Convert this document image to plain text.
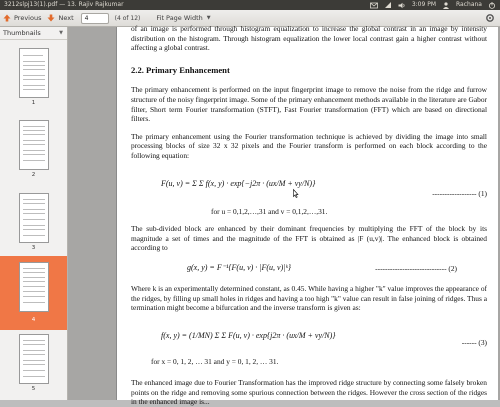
3212slpj13(1).pdf — 13. Rajiv Rajkumar	3:09 PM	Rachana
Previous	Next	4	(4 of 12) Fit Page Width ▼
Thumbnails	▼
1
2
3
4
5

of an image is performed through histogram equalization to increase the global contrast in an image by intensity distribution on the histogram. Through histogram equalization the lower local contrast gain a higher contrast without affecting a global contrast.

2.2. Primary Enhancement

The primary enhancement is performed on the input fingerprint image to remove the noise from the ridge and furrow structure of the noisy fingerprint image. Some of the primary enhancement methods available in the literature are Gabor filter, Short term Fourier transformation (STFT), Fast Fourier transformation (FFT) which are based on directional filters.

The primary enhancement using the Fourier transformation technique is achieved by dividing the image into small processing blocks of size 32 x 32 pixels and the Fourier transform is performed on each block according to the following equation:

F(u, v) = Σ Σ f(x, y) · exp{−j2π · (ux/M + vy/N)}
------------------ (1)

for u = 0,1,2,…,31 and v = 0,1,2,…,31.

The sub-divided block are enhanced by their dominant frequencies by multiplying the FFT of the block by its magnitude a set of times and the magnitude of the FFT is obtained as |F (u,v)|. The enhanced block is obtained according to

g(x, y) = F⁻¹{F(u, v) · |F(u, v)|ᵏ}	----------------------------- (2)

Where k is an experimentally determined constant, as 0.45. While having a higher "k" value improves the appearance of the ridges, by filling up small holes in ridges and having a too high "k" value can result in false joining of ridges. Thus a termination might become a bifurcation and the inverse transform is given as:

f(x, y) = (1/MN) Σ Σ F(u, v) · exp{j2π · (ux/M + vy/N)}
------ (3)

for x = 0, 1, 2, … 31 and y = 0, 1, 2, … 31.

The enhanced image due to Fourier Transformation has the improved ridge structure by connecting some falsely broken points on the ridge and removing some spurious connection between the ridges. However the cross section of the ridges in the enhanced image is...
